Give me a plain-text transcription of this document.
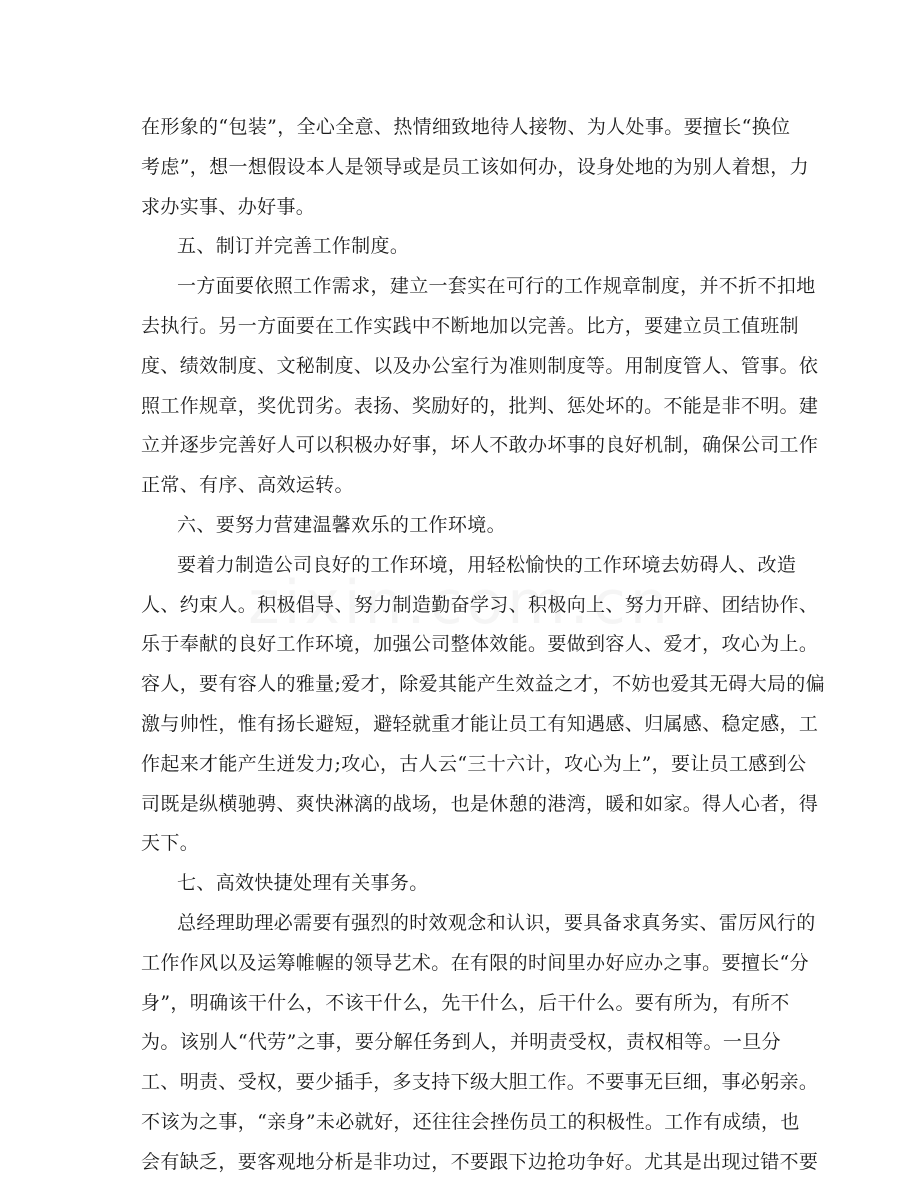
在形象的“包装”，全心全意、热情细致地待人接物、为人处事。要擅长“换位
考虑”，想一想假设本人是领导或是员工该如何办，设身处地的为别人着想，力
求办实事、办好事。
五、制订并完善工作制度。
一方面要依照工作需求，建立一套实在可行的工作规章制度，并不折不扣地
去执行。另一方面要在工作实践中不断地加以完善。比方，要建立员工值班制
度、绩效制度、文秘制度、以及办公室行为准则制度等。用制度管人、管事。依
照工作规章，奖优罚劣。表扬、奖励好的，批判、惩处坏的。不能是非不明。建
立并逐步完善好人可以积极办好事，坏人不敢办坏事的良好机制，确保公司工作
正常、有序、高效运转。
六、要努力营建温馨欢乐的工作环境。
要着力制造公司良好的工作环境，用轻松愉快的工作环境去妨碍人、改造
人、约束人。积极倡导、努力制造勤奋学习、积极向上、努力开辟、团结协作、
乐于奉献的良好工作环境，加强公司整体效能。要做到容人、爱才，攻心为上。
容人，要有容人的雅量;爱才，除爱其能产生效益之才，不妨也爱其无碍大局的偏
激与帅性，惟有扬长避短，避轻就重才能让员工有知遇感、归属感、稳定感，工
作起来才能产生迸发力;攻心，古人云“三十六计，攻心为上”，要让员工感到公
司既是纵横驰骋、爽快淋漓的战场，也是休憩的港湾，暖和如家。得人心者，得
天下。
七、高效快捷处理有关事务。
总经理助理必需要有强烈的时效观念和认识，要具备求真务实、雷厉风行的
工作作风以及运筹帷幄的领导艺术。在有限的时间里办好应办之事。要擅长“分
身”，明确该干什么，不该干什么，先干什么，后干什么。要有所为，有所不
为。该别人“代劳”之事，要分解任务到人，并明责受权，责权相等。一旦分
工、明责、受权，要少插手，多支持下级大胆工作。不要事无巨细，事必躬亲。
不该为之事，“亲身”未必就好，还往往会挫伤员工的积极性。工作有成绩，也
会有缺乏，要客观地分析是非功过，不要跟下边抢功争好。尤其是出现过错不要
